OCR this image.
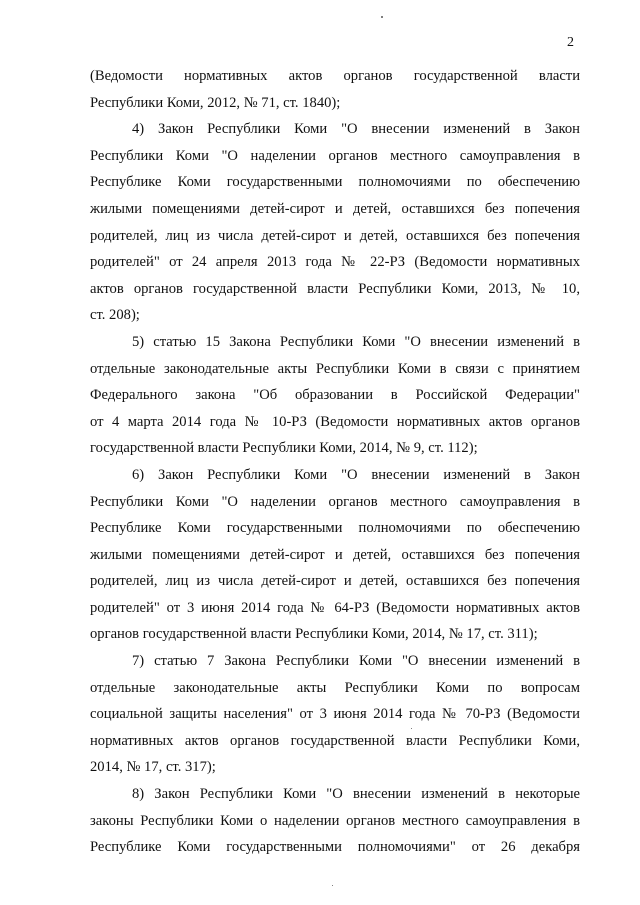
2

(Ведомости нормативных актов органов государственной власти
Республики Коми, 2012, № 71, ст. 1840);

4) Закон Республики Коми "О внесении изменений в Закон
Республики Коми "О наделении органов местного самоуправления в
Республике Коми государственными полномочиями по обеспечению
жилыми помещениями детей-сирот и детей, оставшихся без попечения
родителей, лиц из числа детей-сирот и детей, оставшихся без попечения
родителей" от 24 апреля 2013 года № 22-РЗ (Ведомости нормативных
актов органов государственной власти Республики Коми, 2013, № 10,
ст. 208);

5) статью 15 Закона Республики Коми "О внесении изменений в
отдельные законодательные акты Республики Коми в связи с принятием
Федерального закона "Об образовании в Российской Федерации"
от 4 марта 2014 года № 10-РЗ (Ведомости нормативных актов органов
государственной власти Республики Коми, 2014, № 9, ст. 112);

6) Закон Республики Коми "О внесении изменений в Закон
Республики Коми "О наделении органов местного самоуправления в
Республике Коми государственными полномочиями по обеспечению
жилыми помещениями детей-сирот и детей, оставшихся без попечения
родителей, лиц из числа детей-сирот и детей, оставшихся без попечения
родителей" от 3 июня 2014 года № 64-РЗ (Ведомости нормативных актов
органов государственной власти Республики Коми, 2014, № 17, ст. 311);

7) статью 7 Закона Республики Коми "О внесении изменений в
отдельные законодательные акты Республики Коми по вопросам
социальной защиты населения" от 3 июня 2014 года № 70-РЗ (Ведомости
нормативных актов органов государственной власти Республики Коми,
2014, № 17, ст. 317);

8) Закон Республики Коми "О внесении изменений в некоторые
законы Республики Коми о наделении органов местного самоуправления в
Республике Коми государственными полномочиями" от 26 декабря
